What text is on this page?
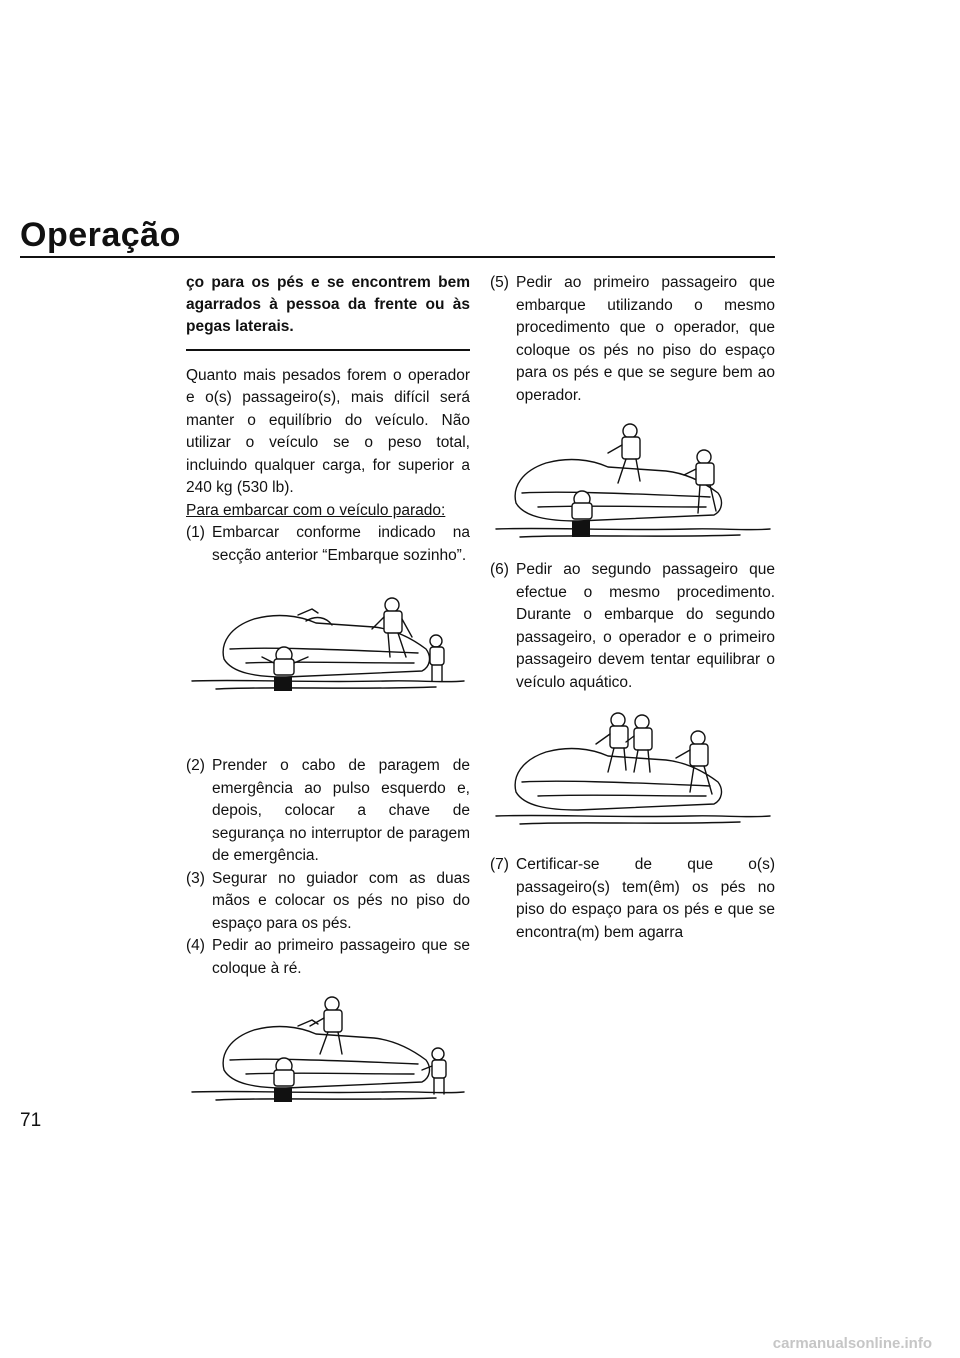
Operação
71

ço para os pés e se encontrem bem agarrados à pessoa da frente ou às pegas laterais.

Quanto mais pesados forem o operador e o(s) passageiro(s), mais difícil será manter o equilíbrio do veículo. Não utilizar o veículo se o peso total, incluindo qualquer carga, for superior a 240 kg (530 lb).

Para embarcar com o veículo parado:

(1) Embarcar conforme indicado na secção anterior “Embarque sozinho”.
(2) Prender o cabo de paragem de emergência ao pulso esquerdo e, depois, colocar a chave de segurança no interruptor de paragem de emergência.
(3) Segurar no guiador com as duas mãos e colocar os pés no piso do espaço para os pés.
(4) Pedir ao primeiro passageiro que se coloque à ré.
(5) Pedir ao primeiro passageiro que embarque utilizando o mesmo procedimento que o operador, que coloque os pés no piso do espaço para os pés e que se segure bem ao operador.
(6) Pedir ao segundo passageiro que efectue o mesmo procedimento. Durante o embarque do segundo passageiro, o operador e o primeiro passageiro devem tentar equilibrar o veículo aquático.
(7) Certificar-se de que o(s) passageiro(s) tem(êm) os pés no piso do espaço para os pés e que se encontra(m) bem agarra
carmanualsonline.info
